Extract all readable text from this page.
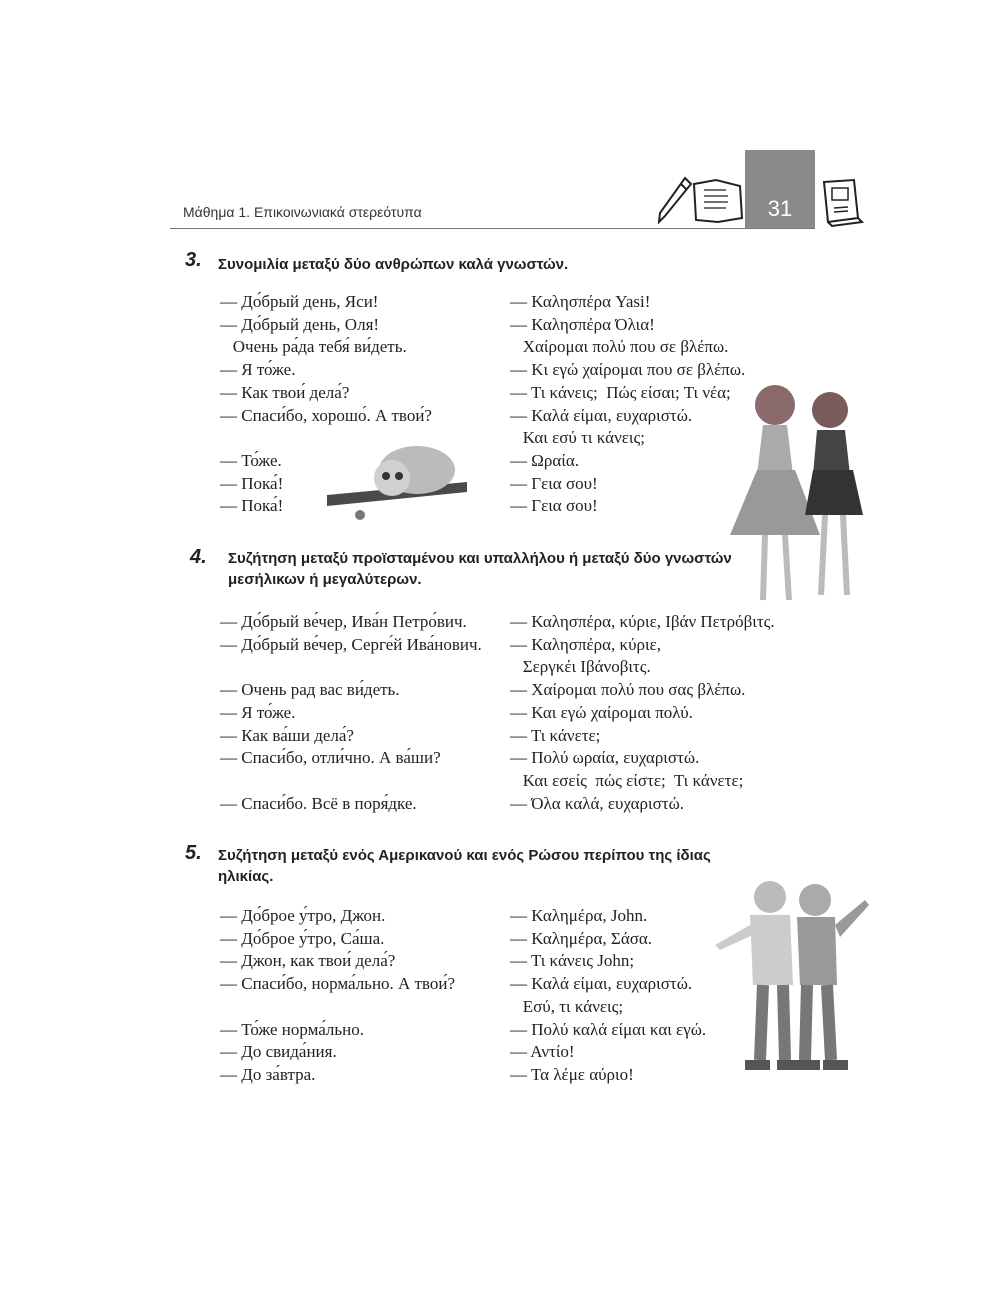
Μάθημα 1. Επικοινωνιακά στερεότυπα	31
3. Συνομιλία μεταξύ δύο ανθρώπων καλά γνωστών.
— До́брый день, Яси!	— Καλησπέρα Yasi!
— До́брый день, Оля!	— Καλησπέρα Όλια!
Очень ра́да тебя́ ви́деть.	Χαίρομαι πολύ που σε βλέπω.
— Я то́же.	— Κι εγώ χαίρομαι που σε βλέπω.
— Как твои́ дела́?	— Τι κάνεις;  Πώς είσαι; Τι νέα;
— Спаси́бо, хорошо́. А твои́?	— Καλά είμαι, ευχαριστώ.
Και εσύ τι κάνεις;
— То́же.	— Ωραία.
— Пока́!	— Γεια σου!
— Пока́!	— Γεια σου!
4. Συζήτηση μεταξύ προϊσταμένου και υπαλλήλου ή μεταξύ δύο γνωστών μεσήλικων ή μεγαλύτερων.
— До́брый ве́чер, Ива́н Петро́вич.	— Καλησπέρα, κύριε, Ιβάν Πετρόβιτς.
— До́брый ве́чер, Серге́й Ива́нович. — Καλησπέρα, κύριε,
Σεργκέι Ιβάνοβιτς.
— Очень рад вас ви́деть.	— Χαίρομαι πολύ που σας βλέπω.
— Я то́же.	— Και εγώ χαίρομαι πολύ.
— Как ва́ши дела́?	— Τι κάνετε;
— Спаси́бо, отли́чно. А ва́ши?	— Πολύ ωραία, ευχαριστώ.
Και εσείς  πώς είστε;  Τι κάνετε;
— Спаси́бо. Всё в поря́дке.	— Όλα καλά, ευχαριστώ.
5. Συζήτηση μεταξύ ενός Αμερικανού και ενός Ρώσου περίπου της ίδιας ηλικίας.
— До́брое у́тро, Джон.	— Καλημέρα, John.
— До́брое у́тро, Са́ша.	— Καλημέρα, Σάσα.
— Джон, как твои́ дела́?	— Τι κάνεις John;
— Спаси́бо, норма́льно. А твои́?	— Καλά είμαι, ευχαριστώ.
Εσύ, τι κάνεις;
— То́же норма́льно.	— Πολύ καλά είμαι και εγώ.
— До свида́ния.	— Αντίο!
— До за́втра.	— Τα λέμε αύριο!
